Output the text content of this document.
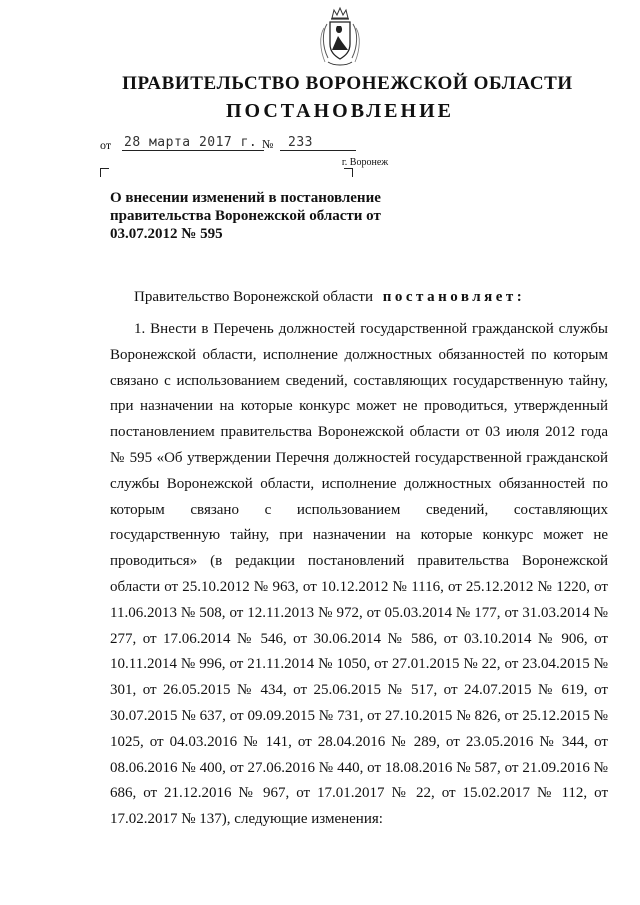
ПРАВИТЕЛЬСТВО ВОРОНЕЖСКОЙ ОБЛАСТИ
ПОСТАНОВЛЕНИЕ
от 28 марта 2017 г. №	233
г. Воронеж
О внесении изменений в постановление правительства Воронежской области от 03.07.2012 № 595
Правительство Воронежской области постановляет:
1. Внести в Перечень должностей государственной гражданской службы Воронежской области, исполнение должностных обязанностей по которым связано с использованием сведений, составляющих государственную тайну, при назначении на которые конкурс может не проводиться, утвержденный постановлением правительства Воронежской области от 03 июля 2012 года № 595 «Об утверждении Перечня должностей государственной гражданской службы Воронежской области, исполнение должностных обязанностей по которым связано с использованием сведений, составляющих государственную тайну, при назначении на которые конкурс может не проводиться» (в редакции постановлений правительства Воронежской области от 25.10.2012 № 963, от 10.12.2012 № 1116, от 25.12.2012 № 1220, от 11.06.2013 № 508, от 12.11.2013 № 972, от 05.03.2014 № 177, от 31.03.2014 № 277, от 17.06.2014 № 546, от 30.06.2014 № 586, от 03.10.2014 № 906, от 10.11.2014 № 996, от 21.11.2014 № 1050, от 27.01.2015 № 22, от 23.04.2015 № 301, от 26.05.2015 № 434, от 25.06.2015 № 517, от 24.07.2015 № 619, от 30.07.2015 № 637, от 09.09.2015 № 731, от 27.10.2015 № 826, от 25.12.2015 № 1025, от 04.03.2016 № 141, от 28.04.2016 № 289, от 23.05.2016 № 344, от 08.06.2016 № 400, от 27.06.2016 № 440, от 18.08.2016 № 587, от 21.09.2016 № 686, от 21.12.2016 № 967, от 17.01.2017 № 22, от 15.02.2017 № 112, от 17.02.2017 № 137), следующие изменения:
